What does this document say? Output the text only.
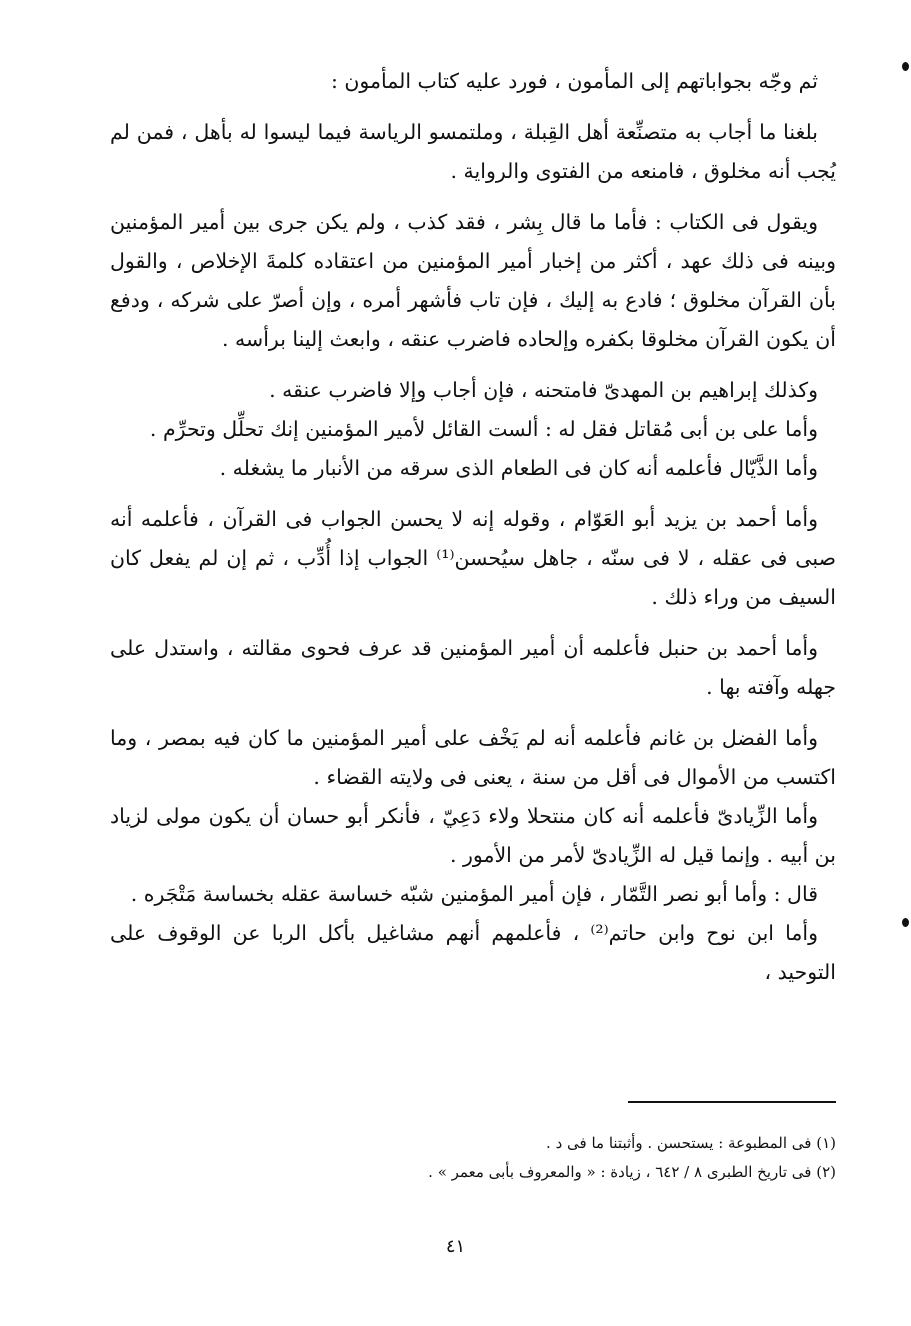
ثم وجّه بجواباتهم إلى المأمون ، فورد عليه كتاب المأمون :

بلغنا ما أجاب به متصنِّعة أهل القِبلة ، وملتمسو الرياسة فيما ليسوا له بأهل ، فمن لم يُجب أنه مخلوق ، فامنعه من الفتوى والرواية .

ويقول فى الكتاب : فأما ما قال بِشر ، فقد كذب ، ولم يكن جرى بين أمير المؤمنين وبينه فى ذلك عهد ، أكثر من إخبار أمير المؤمنين من اعتقاده كلمةَ الإخلاص ، والقول بأن القرآن مخلوق ؛ فادع به إليك ، فإن تاب فأشهر أمره ، وإن أصرّ على شركه ، ودفع أن يكون القرآن مخلوقا بكفره وإلحاده فاضرب عنقه ، وابعث إلينا برأسه .

وكذلك إبراهيم بن المهدىّ فامتحنه ، فإن أجاب وإلا فاضرب عنقه .

وأما على بن أبى مُقاتل فقل له : ألست القائل لأمير المؤمنين إنك تحلِّل وتحرِّم .

وأما الذَّيّال فأعلمه أنه كان فى الطعام الذى سرقه من الأنبار ما يشغله .

وأما أحمد بن يزيد أبو العَوّام ، وقوله إنه لا يحسن الجواب فى القرآن ، فأعلمه أنه صبى فى عقله ، لا فى سنّه ، جاهل سيُحسن⁽¹⁾ الجواب إذا أُدِّب ، ثم إن لم يفعل كان السيف من وراء ذلك .

وأما أحمد بن حنبل فأعلمه أن أمير المؤمنين قد عرف فحوى مقالته ، واستدل على جهله وآفته بها .

وأما الفضل بن غانم فأعلمه أنه لم يَخْف على أمير المؤمنين ما كان فيه بمصر ، وما اكتسب من الأموال فى أقل من سنة ، يعنى فى ولايته القضاء .

وأما الزِّيادىّ فأعلمه أنه كان منتحلا ولاء دَعِيّ ، فأنكر أبو حسان أن يكون مولى لزياد بن أبيه . وإنما قيل له الزِّيادىّ لأمر من الأمور .

قال : وأما أبو نصر التَّمّار ، فإن أمير المؤمنين شبّه خساسة عقله بخساسة مَتْجَره .

وأما ابن نوح وابن حاتم⁽²⁾ ، فأعلمهم أنهم مشاغيل بأكل الربا عن الوقوف على التوحيد ،

(١) فى المطبوعة : يستحسن . وأثبتنا ما فى د .

(٢) فى تاريخ الطبرى ٨ / ٦٤٢ ، زيادة : « والمعروف بأبى معمر » .

٤١
